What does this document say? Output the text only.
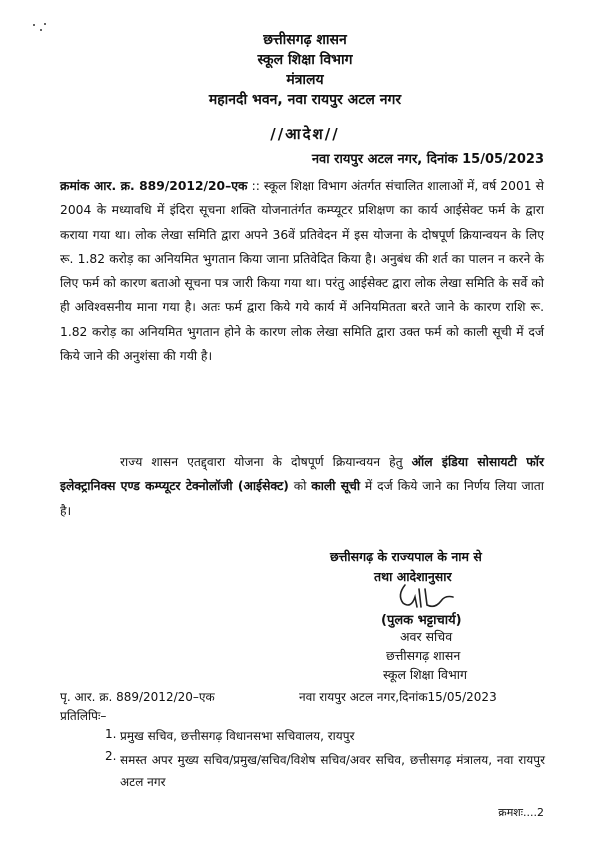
छत्तीसगढ़ शासन
स्कूल शिक्षा विभाग
मंत्रालय
महानदी भवन, नवा रायपुर अटल नगर
//आदेश//
नवा रायपुर अटल नगर, दिनांक 15/05/2023

क्रमांक आर. क्र. 889/2012/20–एक :: स्कूल शिक्षा विभाग अंतर्गत संचालित शालाओं में, वर्ष 2001 से 2004 के मध्यावधि में इंदिरा सूचना शक्ति योजनातंर्गत कम्प्यूटर प्रशिक्षण का कार्य आईसेक्ट फर्म के द्वारा कराया गया था। लोक लेखा समिति द्वारा अपने 36वें प्रतिवेदन में इस योजना के दोषपूर्ण क्रियान्वयन के लिए रू. 1.82 करोड़ का अनियमित भुगतान किया जाना प्रतिवेदित किया है। अनुबंध की शर्त का पालन न करने के लिए फर्म को कारण बताओ सूचना पत्र जारी किया गया था। परंतु आईसेक्ट द्वारा लोक लेखा समिति के सर्वे को ही अविश्वसनीय माना गया है। अतः फर्म द्वारा किये गये कार्य में अनियमितता बरते जाने के कारण राशि रू. 1.82 करोड़ का अनियमित भुगतान होने के कारण लोक लेखा समिति द्वारा उक्त फर्म को काली सूची में दर्ज किये जाने की अनुशंसा की गयी है।

राज्य शासन एतद्द्वारा योजना के दोषपूर्ण क्रियान्वयन हेतु ऑल इंडिया सोसायटी फॉर इलेक्ट्रानिक्स एण्ड कम्प्यूटर टेक्नोलॉजी (आईसेक्ट) को काली सूची में दर्ज किये जाने का निर्णय लिया जाता है।

छत्तीसगढ़ के राज्यपाल के नाम से
तथा आदेशानुसार
(पुलक भट्टाचार्य)
अवर सचिव
छत्तीसगढ़ शासन
स्कूल शिक्षा विभाग
पृ. आर. क्र. 889/2012/20–एक	नवा रायपुर अटल नगर,दिनांक15/05/2023
प्रतिलिपिः–
1. प्रमुख सचिव, छत्तीसगढ़ विधानसभा सचिवालय, रायपुर
2. समस्त अपर मुख्य सचिव/प्रमुख/सचिव/विशेष सचिव/अवर सचिव, छत्तीसगढ़ मंत्रालय, नवा रायपुर अटल नगर
क्रमशः....2
